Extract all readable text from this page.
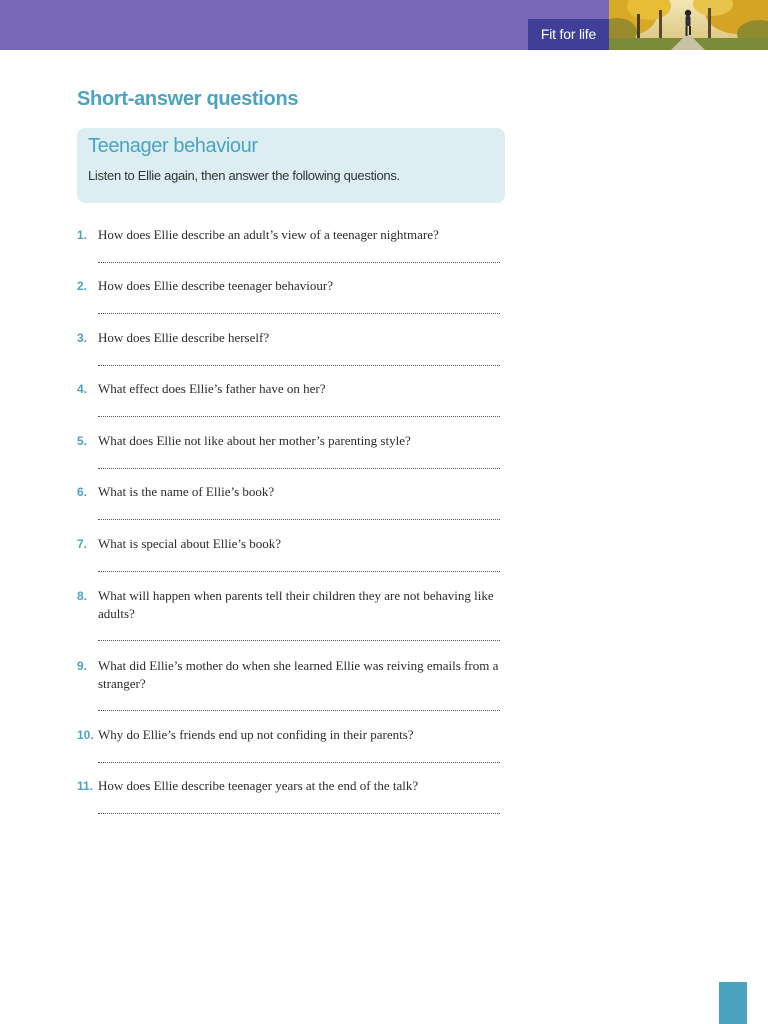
Fit for life
Short-answer questions
Teenager behaviour

Listen to Ellie again, then answer the following questions.

1. How does Ellie describe an adult’s view of a teenager nightmare?
2. How does Ellie describe teenager behaviour?
3. How does Ellie describe herself?
4. What effect does Ellie’s father have on her?
5. What does Ellie not like about her mother’s parenting style?
6. What is the name of Ellie’s book?
7. What is special about Ellie’s book?
8. What will happen when parents tell their children they are not behaving like adults?
9. What did Ellie’s mother do when she learned Ellie was reiving emails from a stranger?
10. Why do Ellie’s friends end up not confiding in their parents?
11. How does Ellie describe teenager years at the end of the talk?
